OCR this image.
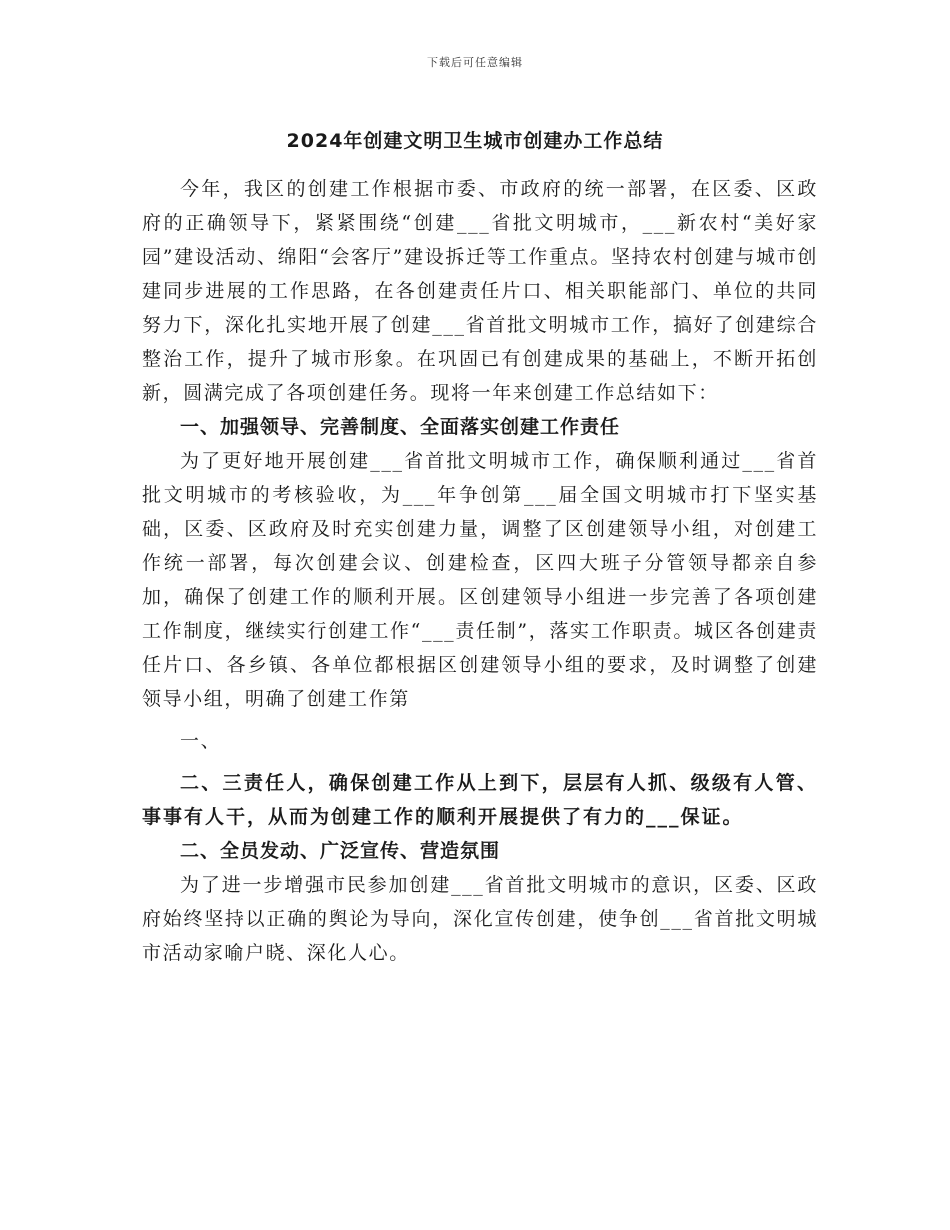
下载后可任意编辑
2024年创建文明卫生城市创建办工作总结

今年，我区的创建工作根据市委、市政府的统一部署，在区委、区政府的正确领导下，紧紧围绕“创建___省批文明城市，___新农村“美好家园”建设活动、绵阳“会客厅”建设拆迁等工作重点。坚持农村创建与城市创建同步进展的工作思路，在各创建责任片口、相关职能部门、单位的共同努力下，深化扎实地开展了创建___省首批文明城市工作，搞好了创建综合整治工作，提升了城市形象。在巩固已有创建成果的基础上，不断开拓创新，圆满完成了各项创建任务。现将一年来创建工作总结如下：

一、加强领导、完善制度、全面落实创建工作责任

为了更好地开展创建___省首批文明城市工作，确保顺利通过___省首批文明城市的考核验收，为___年争创第___届全国文明城市打下坚实基础，区委、区政府及时充实创建力量，调整了区创建领导小组，对创建工作统一部署，每次创建会议、创建检查，区四大班子分管领导都亲自参加，确保了创建工作的顺利开展。区创建领导小组进一步完善了各项创建工作制度，继续实行创建工作“___责任制”，落实工作职责。城区各创建责任片口、各乡镇、各单位都根据区创建领导小组的要求，及时调整了创建领导小组，明确了创建工作第

一、

二、三责任人，确保创建工作从上到下，层层有人抓、级级有人管、事事有人干，从而为创建工作的顺利开展提供了有力的___保证。

二、全员发动、广泛宣传、营造氛围

为了进一步增强市民参加创建___省首批文明城市的意识，区委、区政府始终坚持以正确的舆论为导向，深化宣传创建，使争创___省首批文明城市活动家喻户晓、深化人心。
